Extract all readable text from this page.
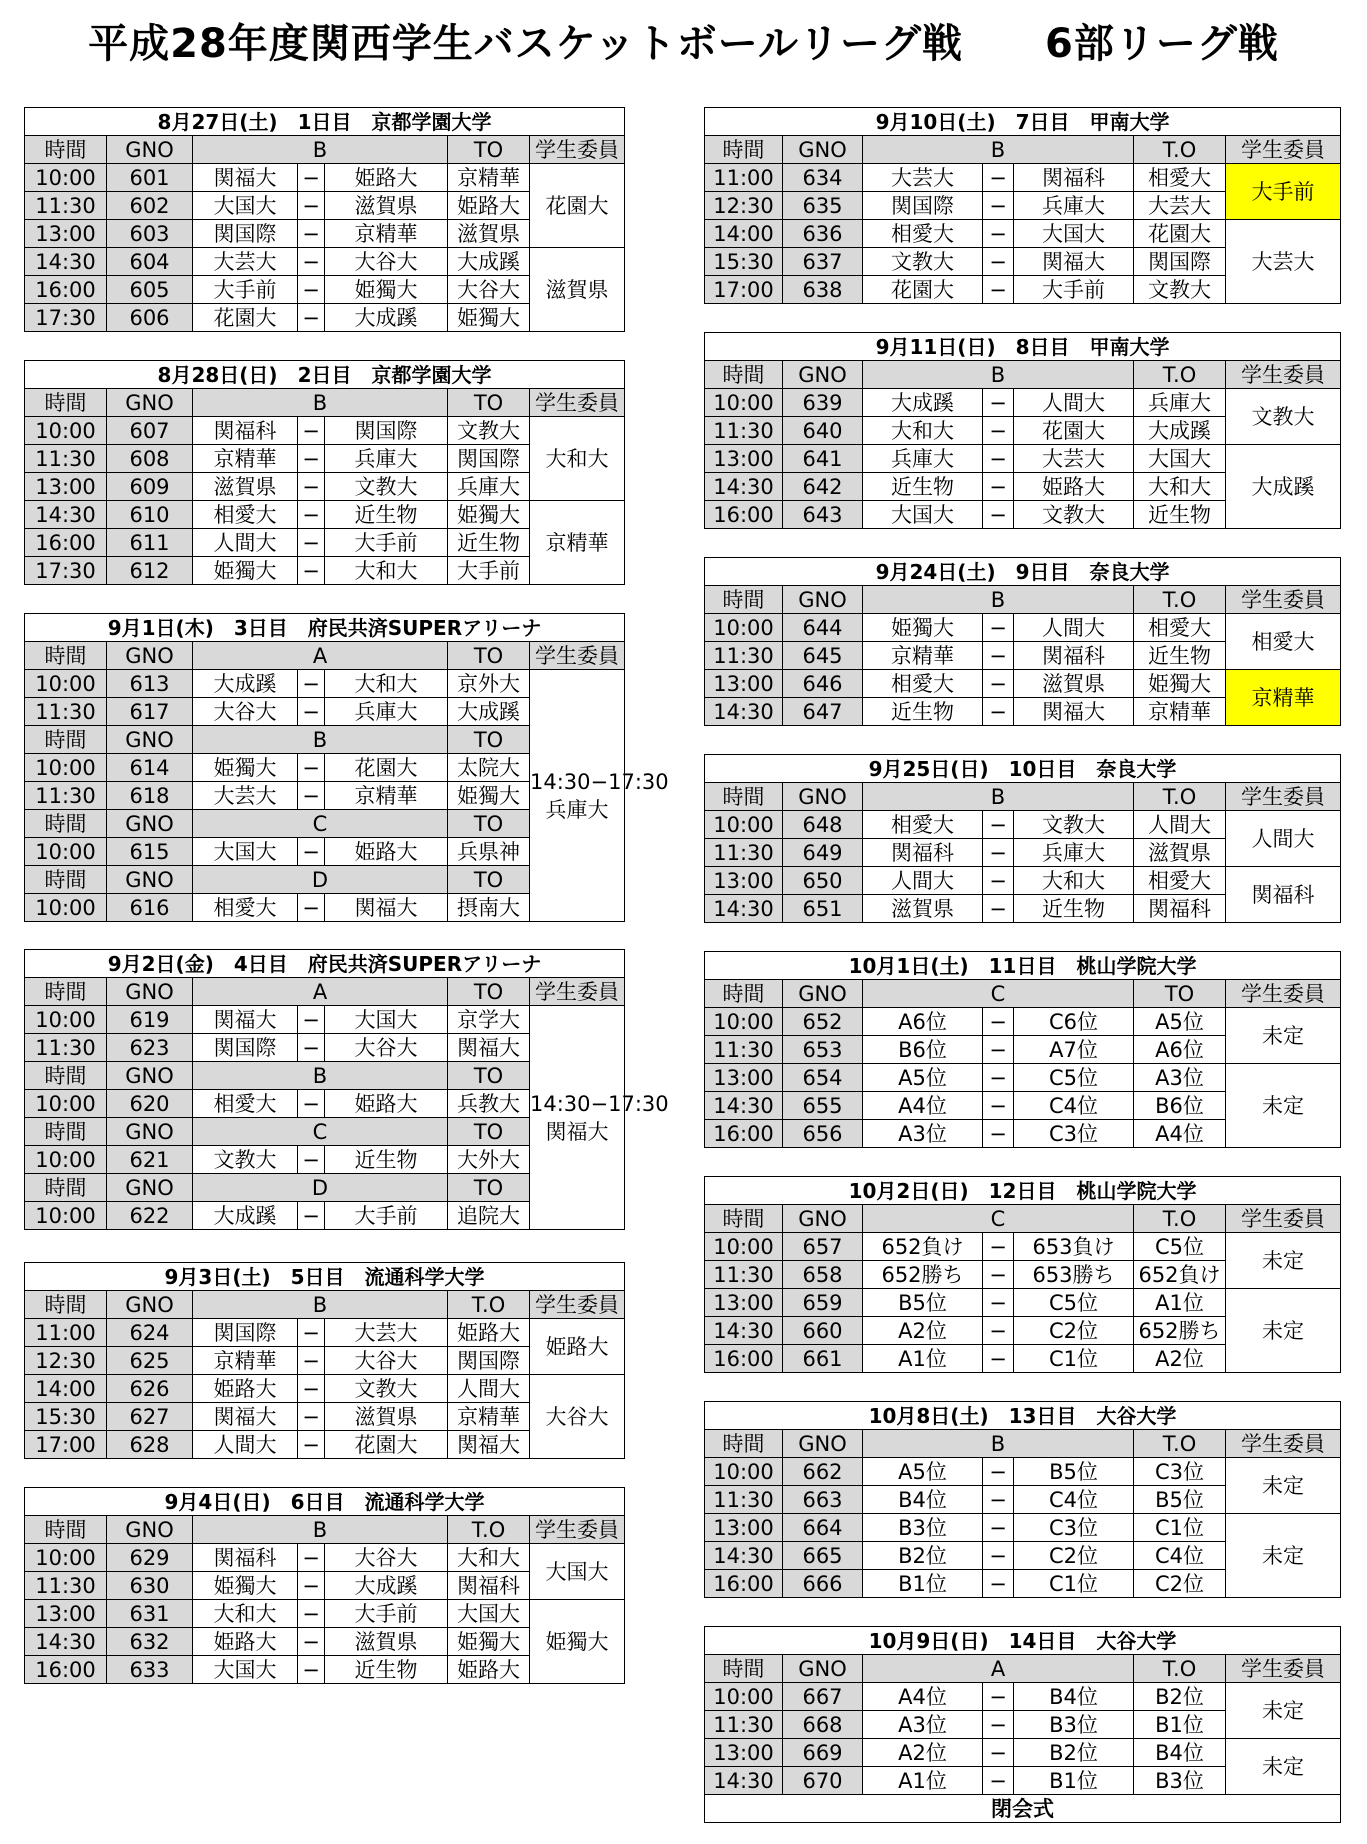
平成28年度関西学生バスケットボールリーグ戦　　6部リーグ戦
8月27日(土)　1日目　京都学園大学						
時間	GNO	B			TO	学生委員
10:00	601	関福大	−	姫路大	京精華	花園大
11:30	602	大国大	−	滋賀県	姫路大	
13:00	603	関国際	−	京精華	滋賀県	
14:30	604	大芸大	−	大谷大	大成蹊	滋賀県
16:00	605	大手前	−	姫獨大	大谷大	
17:30	606	花園大	−	大成蹊	姫獨大	
8月28日(日)　2日目　京都学園大学						
時間	GNO	B			TO	学生委員
10:00	607	関福科	−	関国際	文教大	大和大
11:30	608	京精華	−	兵庫大	関国際	
13:00	609	滋賀県	−	文教大	兵庫大	
14:30	610	相愛大	−	近生物	姫獨大	京精華
16:00	611	人間大	−	大手前	近生物	
17:30	612	姫獨大	−	大和大	大手前	
9月1日(木)　3日目　府民共済SUPERアリーナ						
時間	GNO	A			TO	学生委員
10:00	613	大成蹊	−	大和大	京外大	14:30−17:30 兵庫大
11:30	617	大谷大	−	兵庫大	大成蹊	
時間	GNO	B			TO	
10:00	614	姫獨大	−	花園大	太院大	
11:30	618	大芸大	−	京精華	姫獨大	
時間	GNO	C			TO	
10:00	615	大国大	−	姫路大	兵県神	
時間	GNO	D			TO	
10:00	616	相愛大	−	関福大	摂南大	
9月2日(金)　4日目　府民共済SUPERアリーナ						
時間	GNO	A			TO	学生委員
10:00	619	関福大	−	大国大	京学大	14:30−17:30 関福大
11:30	623	関国際	−	大谷大	関福大	
時間	GNO	B			TO	
10:00	620	相愛大	−	姫路大	兵教大	
時間	GNO	C			TO	
10:00	621	文教大	−	近生物	大外大	
時間	GNO	D			TO	
10:00	622	大成蹊	−	大手前	追院大	
9月3日(土)　5日目　流通科学大学						
時間	GNO	B			T.O	学生委員
11:00	624	関国際	−	大芸大	姫路大	姫路大
12:30	625	京精華	−	大谷大	関国際	
14:00	626	姫路大	−	文教大	人間大	大谷大
15:30	627	関福大	−	滋賀県	京精華	
17:00	628	人間大	−	花園大	関福大	
9月4日(日)　6日目　流通科学大学						
時間	GNO	B			T.O	学生委員
10:00	629	関福科	−	大谷大	大和大	大国大
11:30	630	姫獨大	−	大成蹊	関福科	
13:00	631	大和大	−	大手前	大国大	姫獨大
14:30	632	姫路大	−	滋賀県	姫獨大	
16:00	633	大国大	−	近生物	姫路大	
9月10日(土)　7日目　甲南大学						
時間	GNO	B			T.O	学生委員
11:00	634	大芸大	−	関福科	相愛大	大手前
12:30	635	関国際	−	兵庫大	大芸大	
14:00	636	相愛大	−	大国大	花園大	大芸大
15:30	637	文教大	−	関福大	関国際	
17:00	638	花園大	−	大手前	文教大	
9月11日(日)　8日目　甲南大学						
時間	GNO	B			T.O	学生委員
10:00	639	大成蹊	−	人間大	兵庫大	文教大
11:30	640	大和大	−	花園大	大成蹊	
13:00	641	兵庫大	−	大芸大	大国大	大成蹊
14:30	642	近生物	−	姫路大	大和大	
16:00	643	大国大	−	文教大	近生物	
9月24日(土)　9日目　奈良大学						
時間	GNO	B			T.O	学生委員
10:00	644	姫獨大	−	人間大	相愛大	相愛大
11:30	645	京精華	−	関福科	近生物	
13:00	646	相愛大	−	滋賀県	姫獨大	京精華
14:30	647	近生物	−	関福大	京精華	
9月25日(日)　10日目　奈良大学						
時間	GNO	B			T.O	学生委員
10:00	648	相愛大	−	文教大	人間大	人間大
11:30	649	関福科	−	兵庫大	滋賀県	
13:00	650	人間大	−	大和大	相愛大	関福科
14:30	651	滋賀県	−	近生物	関福科	
10月1日(土)　11日目　桃山学院大学						
時間	GNO	C			TO	学生委員
10:00	652	A6位	−	C6位	A5位	未定
11:30	653	B6位	−	A7位	A6位	
13:00	654	A5位	−	C5位	A3位	未定
14:30	655	A4位	−	C4位	B6位	
16:00	656	A3位	−	C3位	A4位	
10月2日(日)　12日目　桃山学院大学						
時間	GNO	C			T.O	学生委員
10:00	657	652負け	−	653負け	C5位	未定
11:30	658	652勝ち	−	653勝ち	652負け	
13:00	659	B5位	−	C5位	A1位	未定
14:30	660	A2位	−	C2位	652勝ち	
16:00	661	A1位	−	C1位	A2位	
10月8日(土)　13日目　大谷大学						
時間	GNO	B			T.O	学生委員
10:00	662	A5位	−	B5位	C3位	未定
11:30	663	B4位	−	C4位	B5位	
13:00	664	B3位	−	C3位	C1位	未定
14:30	665	B2位	−	C2位	C4位	
16:00	666	B1位	−	C1位	C2位	
10月9日(日)　14日目　大谷大学						
時間	GNO	A			T.O	学生委員
10:00	667	A4位	−	B4位	B2位	未定
11:30	668	A3位	−	B3位	B1位	
13:00	669	A2位	−	B2位	B4位	未定
14:30	670	A1位	−	B1位	B3位	
閉会式						
